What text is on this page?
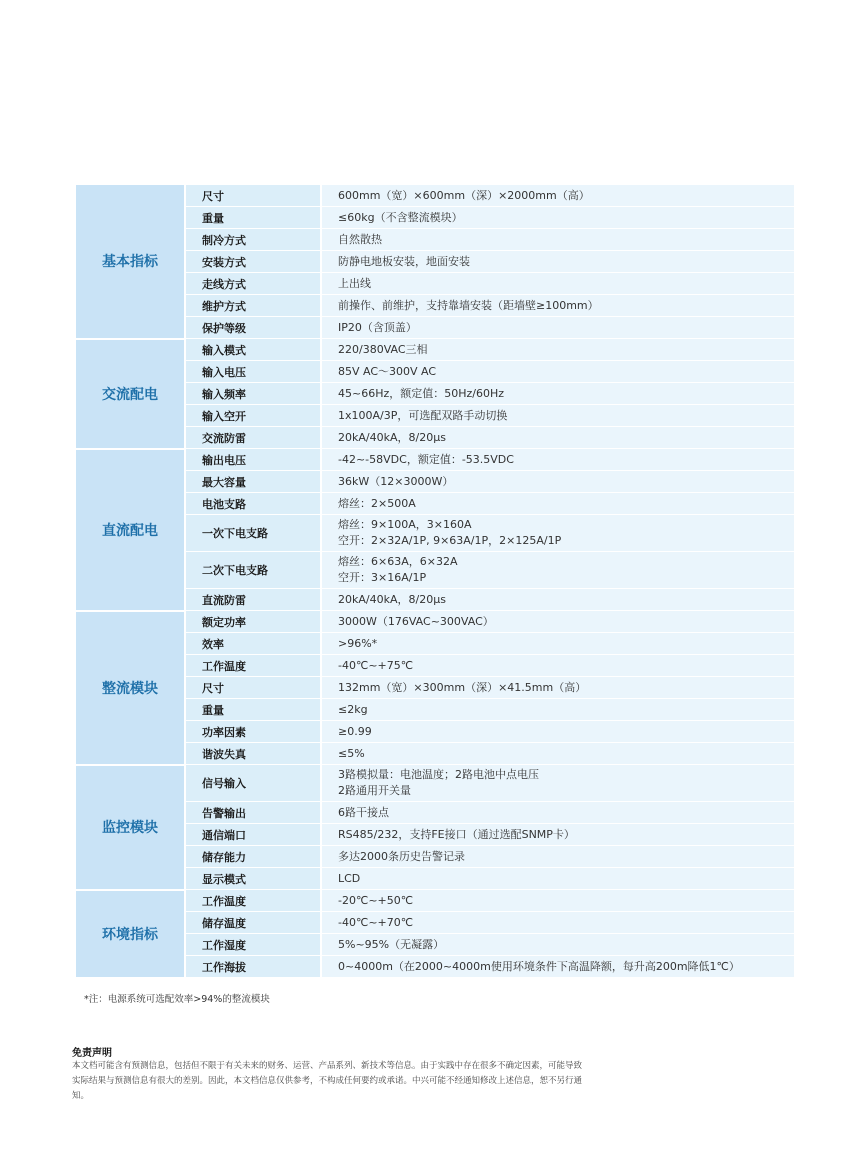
基本指标	尺寸	600mm（宽）×600mm（深）×2000mm（高）

	重量	≤60kg（不含整流模块）

	制冷方式	自然散热

	安装方式	防静电地板安装，地面安装

	走线方式	上出线

	维护方式	前操作、前维护，支持靠墙安装（距墙壁≥100mm）

	保护等级	IP20（含顶盖）

交流配电	输入模式	220/380VAC三相

	输入电压	85V AC～300V AC

	输入频率	45~66Hz，额定值：50Hz/60Hz

	输入空开	1x100A/3P，可选配双路手动切换

	交流防雷	20kA/40kA，8/20μs

直流配电	输出电压	-42~-58VDC，额定值：-53.5VDC

	最大容量	36kW（12×3000W）

	电池支路	熔丝：2×500A

	一次下电支路	熔丝：9×100A，3×160A
空开：2×32A/1P, 9×63A/1P，2×125A/1P

	二次下电支路	熔丝：6×63A，6×32A
空开：3×16A/1P

	直流防雷	20kA/40kA，8/20μs

整流模块	额定功率	3000W（176VAC~300VAC）

	效率	>96%*

	工作温度	-40℃~+75℃

	尺寸	132mm（宽）×300mm（深）×41.5mm（高）

	重量	≤2kg

	功率因素	≥0.99

	谐波失真	≤5%

监控模块	信号输入	3路模拟量：电池温度；2路电池中点电压
2路通用开关量

	告警输出	6路干接点

	通信端口	RS485/232，支持FE接口（通过选配SNMP卡）

	储存能力	多达2000条历史告警记录

	显示模式	LCD

环境指标	工作温度	-20℃~+50℃

	储存温度	-40℃~+70℃

	工作湿度	5%~95%（无凝露）

	工作海拔	0~4000m（在2000~4000m使用环境条件下高温降额，每升高200m降低1℃）
*注：电源系统可选配效率>94%的整流模块
免责声明
本文档可能含有预测信息，包括但不限于有关未来的财务、运营、产品系列、新技术等信息。由于实践中存在很多不确定因素，可能导致
实际结果与预测信息有很大的差别。因此，本文档信息仅供参考，不构成任何要约或承诺。中兴可能不经通知修改上述信息，恕不另行通
知。
